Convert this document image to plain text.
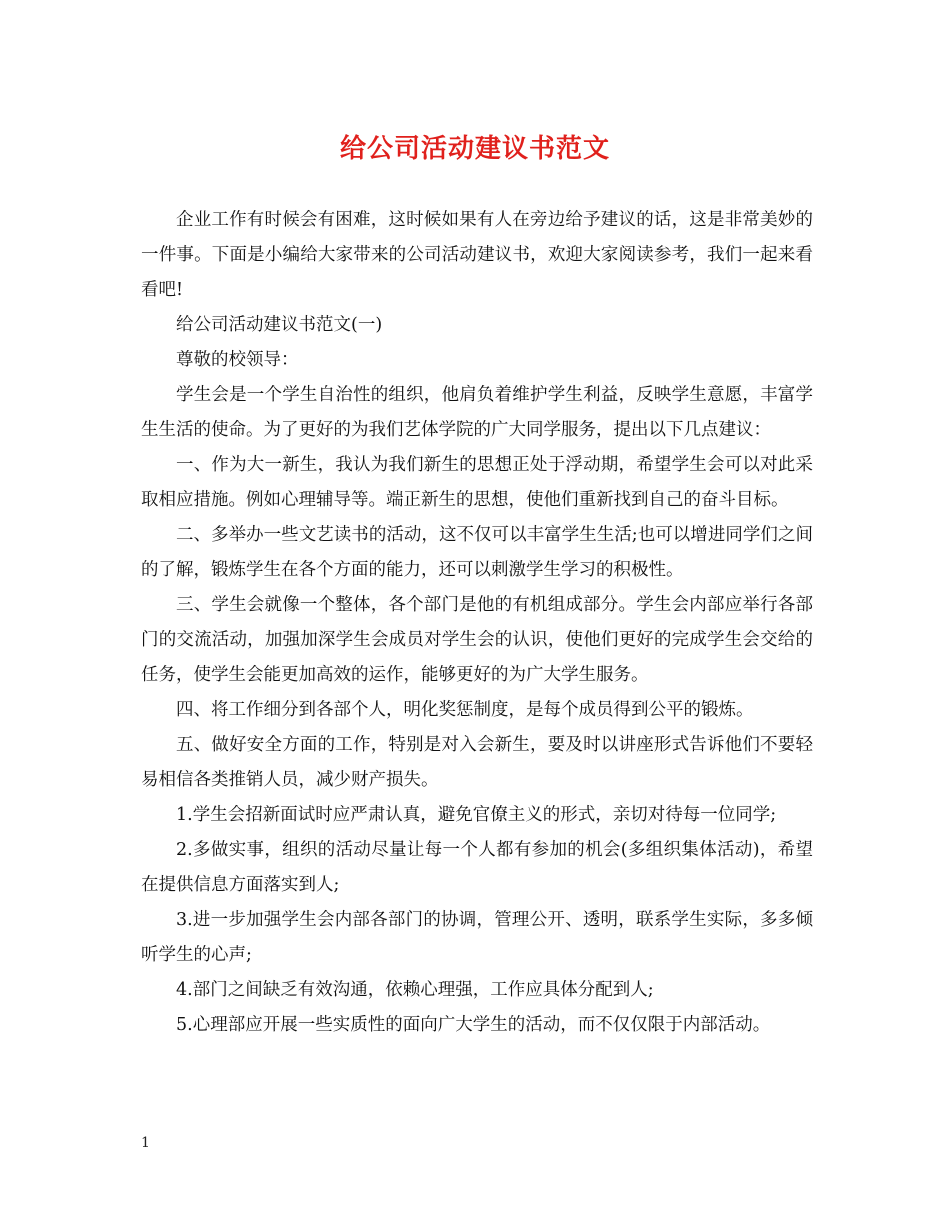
给公司活动建议书范文

企业工作有时候会有困难，这时候如果有人在旁边给予建议的话，这是非常美妙的一件事。下面是小编给大家带来的公司活动建议书，欢迎大家阅读参考，我们一起来看看吧!

给公司活动建议书范文(一)

尊敬的校领导：

学生会是一个学生自治性的组织，他肩负着维护学生利益，反映学生意愿，丰富学生生活的使命。为了更好的为我们艺体学院的广大同学服务，提出以下几点建议：

一、作为大一新生，我认为我们新生的思想正处于浮动期，希望学生会可以对此采取相应措施。例如心理辅导等。端正新生的思想，使他们重新找到自己的奋斗目标。

二、多举办一些文艺读书的活动，这不仅可以丰富学生生活;也可以增进同学们之间的了解，锻炼学生在各个方面的能力，还可以刺激学生学习的积极性。

三、学生会就像一个整体，各个部门是他的有机组成部分。学生会内部应举行各部门的交流活动，加强加深学生会成员对学生会的认识，使他们更好的完成学生会交给的任务，使学生会能更加高效的运作，能够更好的为广大学生服务。

四、将工作细分到各部个人，明化奖惩制度，是每个成员得到公平的锻炼。

五、做好安全方面的工作，特别是对入会新生，要及时以讲座形式告诉他们不要轻易相信各类推销人员，减少财产损失。

1.学生会招新面试时应严肃认真，避免官僚主义的形式，亲切对待每一位同学;

2.多做实事，组织的活动尽量让每一个人都有参加的机会(多组织集体活动)，希望在提供信息方面落实到人;

3.进一步加强学生会内部各部门的协调，管理公开、透明，联系学生实际，多多倾听学生的心声;

4.部门之间缺乏有效沟通，依赖心理强，工作应具体分配到人;

5.心理部应开展一些实质性的面向广大学生的活动，而不仅仅限于内部活动。

1
